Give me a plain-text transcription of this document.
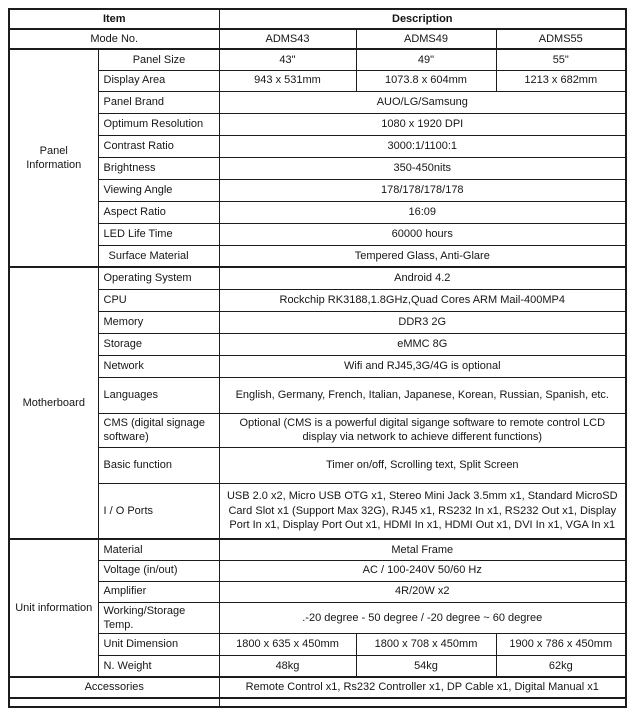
Item		Description		
Mode No.		ADMS43	ADMS49	ADMS55
Panel Information	Panel Size	43"	49"	55"
	Display Area	943 x 531mm	1073.8 x 604mm	1213 x 682mm
	Panel Brand	AUO/LG/Samsung		
	Optimum Resolution	1080 x 1920 DPI		
	Contrast Ratio	3000:1/1100:1		
	Brightness	350-450nits		
	Viewing Angle	178/178/178/178		
	Aspect Ratio	16:09		
	LED Life Time	60000 hours		
	Surface Material	Tempered Glass, Anti-Glare		
Motherboard	Operating System	Android 4.2		
	CPU	Rockchip RK3188,1.8GHz,Quad Cores ARM Mail-400MP4		
	Memory	DDR3 2G		
	Storage	eMMC 8G		
	Network	Wifi and RJ45,3G/4G is optional		
	Languages	English, Germany, French, Italian, Japanese, Korean, Russian, Spanish, etc.		
	CMS (digital signage software)	Optional (CMS is a powerful digital sigange software to remote control LCD display via network to achieve different functions)		
	Basic function	Timer on/off, Scrolling text, Split Screen		
	I / O Ports	USB 2.0 x2, Micro USB OTG x1, Stereo Mini Jack 3.5mm x1, Standard MicroSD Card Slot x1 (Support Max 32G), RJ45 x1, RS232 In x1, RS232 Out x1, Display Port In x1, Display Port Out x1, HDMI In x1, HDMI Out x1, DVI In x1, VGA In x1		
Unit information	Material	Metal Frame		
	Voltage (in/out)	AC / 100-240V 50/60 Hz		
	Amplifier	4R/20W x2		
	Working/Storage Temp.	.-20 degree - 50 degree / -20 degree ~ 60 degree		
	Unit Dimension	1800 x 635 x 450mm	1800 x 708 x 450mm	1900 x 786 x 450mm
	N. Weight	48kg	54kg	62kg
Accessories		Remote Control x1, Rs232 Controller x1, DP Cable x1, Digital Manual x1		
